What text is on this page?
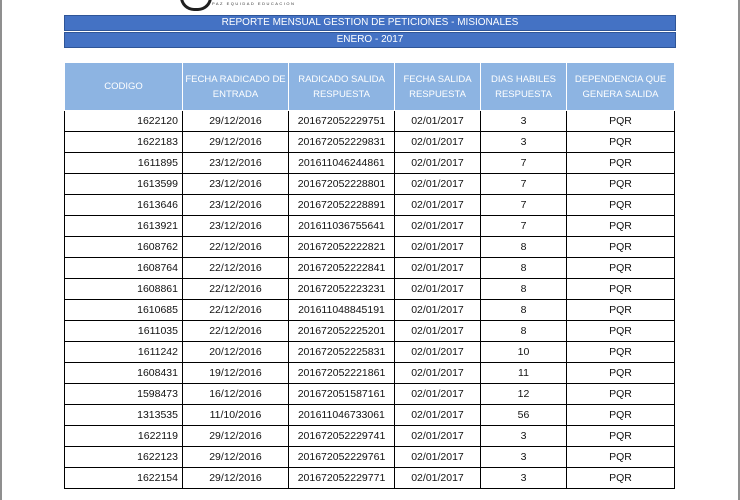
PAZ EQUIDAD EDUCACION
REPORTE MENSUAL GESTION DE PETICIONES - MISIONALES
ENERO - 2017
CODIGO	FECHA RADICADO DE ENTRADA	RADICADO SALIDA RESPUESTA	FECHA SALIDA RESPUESTA	DIAS HABILES RESPUESTA	DEPENDENCIA QUE GENERA SALIDA
1622120	29/12/2016	201672052229751	02/01/2017	3	PQR
1622183	29/12/2016	201672052229831	02/01/2017	3	PQR
1611895	23/12/2016	201611046244861	02/01/2017	7	PQR
1613599	23/12/2016	201672052228801	02/01/2017	7	PQR
1613646	23/12/2016	201672052228891	02/01/2017	7	PQR
1613921	23/12/2016	201611036755641	02/01/2017	7	PQR
1608762	22/12/2016	201672052222821	02/01/2017	8	PQR
1608764	22/12/2016	201672052222841	02/01/2017	8	PQR
1608861	22/12/2016	201672052223231	02/01/2017	8	PQR
1610685	22/12/2016	201611048845191	02/01/2017	8	PQR
1611035	22/12/2016	201672052225201	02/01/2017	8	PQR
1611242	20/12/2016	201672052225831	02/01/2017	10	PQR
1608431	19/12/2016	201672052221861	02/01/2017	11	PQR
1598473	16/12/2016	201672051587161	02/01/2017	12	PQR
1313535	11/10/2016	201611046733061	02/01/2017	56	PQR
1622119	29/12/2016	201672052229741	02/01/2017	3	PQR
1622123	29/12/2016	201672052229761	02/01/2017	3	PQR
1622154	29/12/2016	201672052229771	02/01/2017	3	PQR
